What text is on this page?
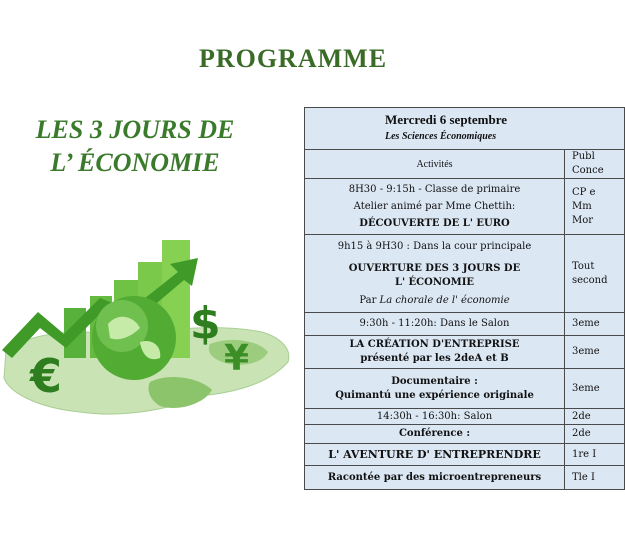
PROGRAMME
LES 3 JOURS DE
L’ ÉCONOMIE
€
$
¥
Mercredi 6 septembre
Les Sciences Économiques	

Activités	Publ
Conce

8H30 - 9:15h - Classe de primaire
Atelier animé par Mme Chettih:
DÉCOUVERTE DE L' EURO	CP e
Mm
Mor

9h15 à 9H30 : Dans la cour principale
OUVERTURE DES 3 JOURS DE
L' ÉCONOMIE
Par La chorale de l' économie	Tout
second

9:30h - 11:20h: Dans le Salon	3eme

LA CRÉATION D'ENTREPRISE
présenté par les 2deA et B	3eme

Documentaire :
Quimantú une expérience originale	3eme

14:30h - 16:30h: Salon	2de

Conférence :	2de

L' AVENTURE D' ENTREPRENDRE	1re I

Racontée par des microentrepreneurs	Tle I
